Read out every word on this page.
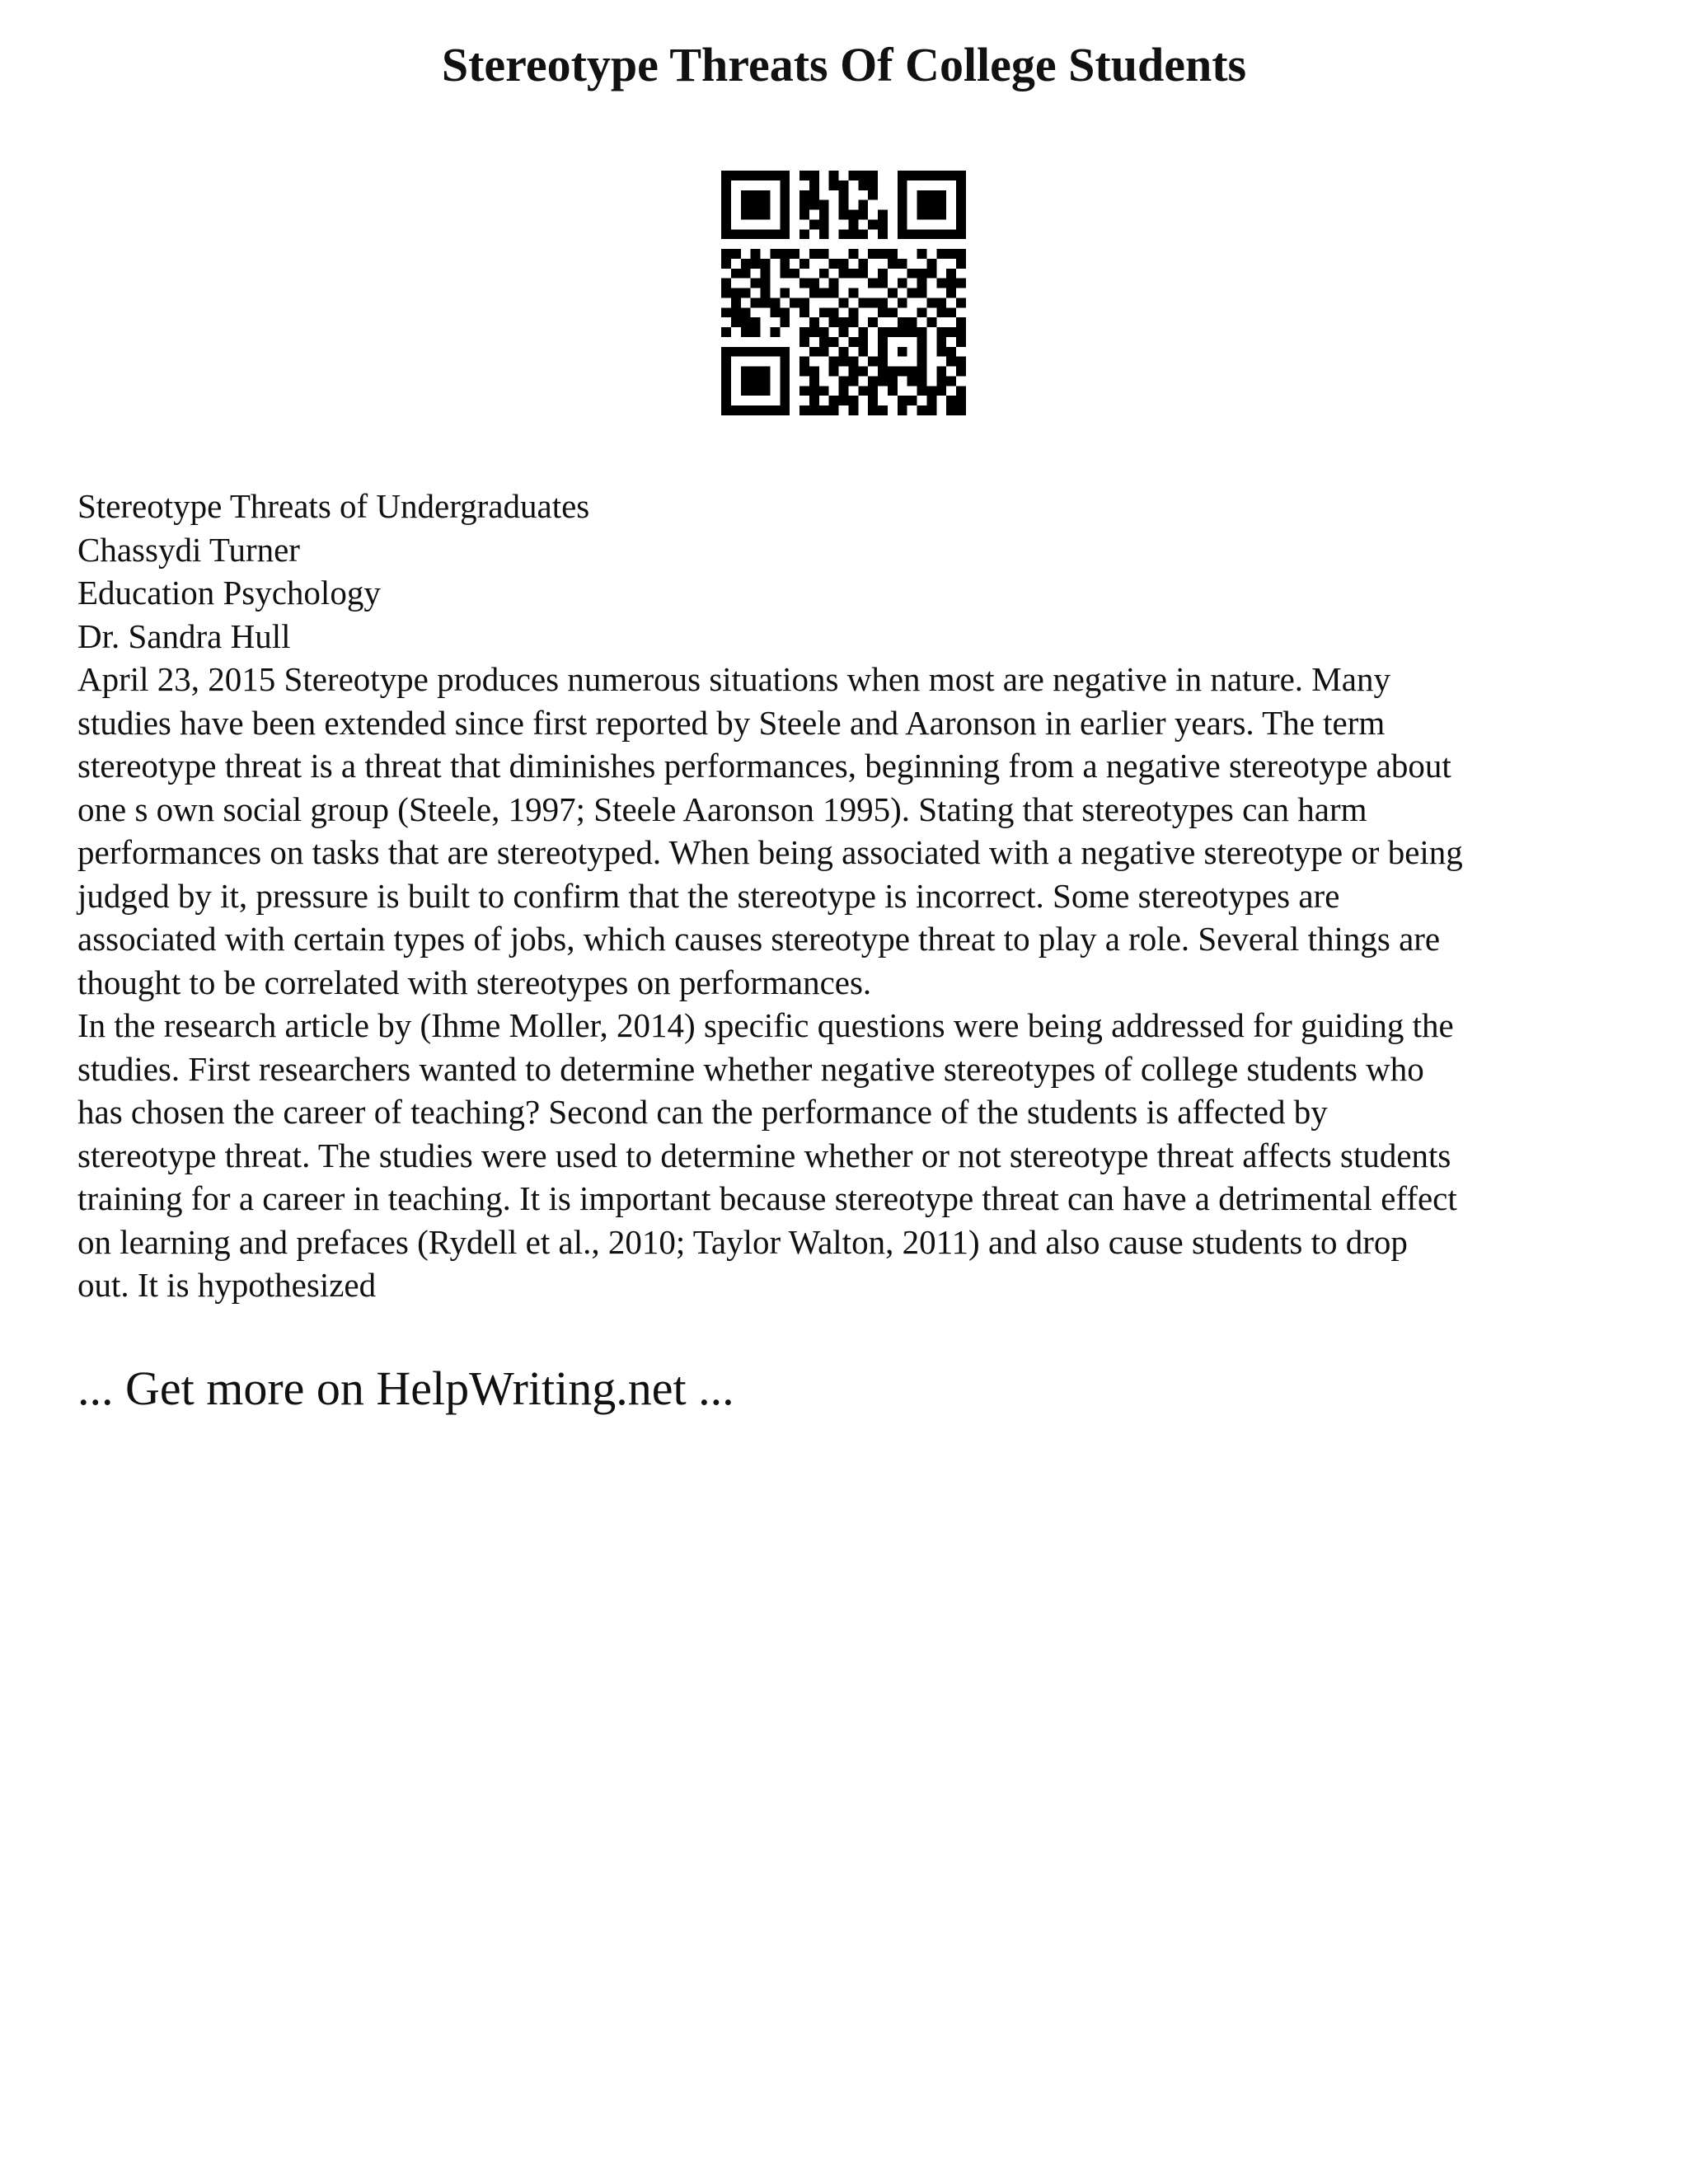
Stereotype Threats Of College Students
Stereotype Threats of Undergraduates
Chassydi Turner
Education Psychology
Dr. Sandra Hull

April 23, 2015 Stereotype produces numerous situations when most are negative in nature. Many
studies have been extended since first reported by Steele and Aaronson in earlier years. The term
stereotype threat is a threat that diminishes performances, beginning from a negative stereotype about
one s own social group (Steele, 1997; Steele Aaronson 1995). Stating that stereotypes can harm
performances on tasks that are stereotyped. When being associated with a negative stereotype or being
judged by it, pressure is built to confirm that the stereotype is incorrect. Some stereotypes are
associated with certain types of jobs, which causes stereotype threat to play a role. Several things are
thought to be correlated with stereotypes on performances.

In the research article by (Ihme Moller, 2014) specific questions were being addressed for guiding the
studies. First researchers wanted to determine whether negative stereotypes of college students who
has chosen the career of teaching? Second can the performance of the students is affected by
stereotype threat. The studies were used to determine whether or not stereotype threat affects students
training for a career in teaching. It is important because stereotype threat can have a detrimental effect
on learning and prefaces (Rydell et al., 2010; Taylor Walton, 2011) and also cause students to drop
out. It is hypothesized

... Get more on HelpWriting.net ...
